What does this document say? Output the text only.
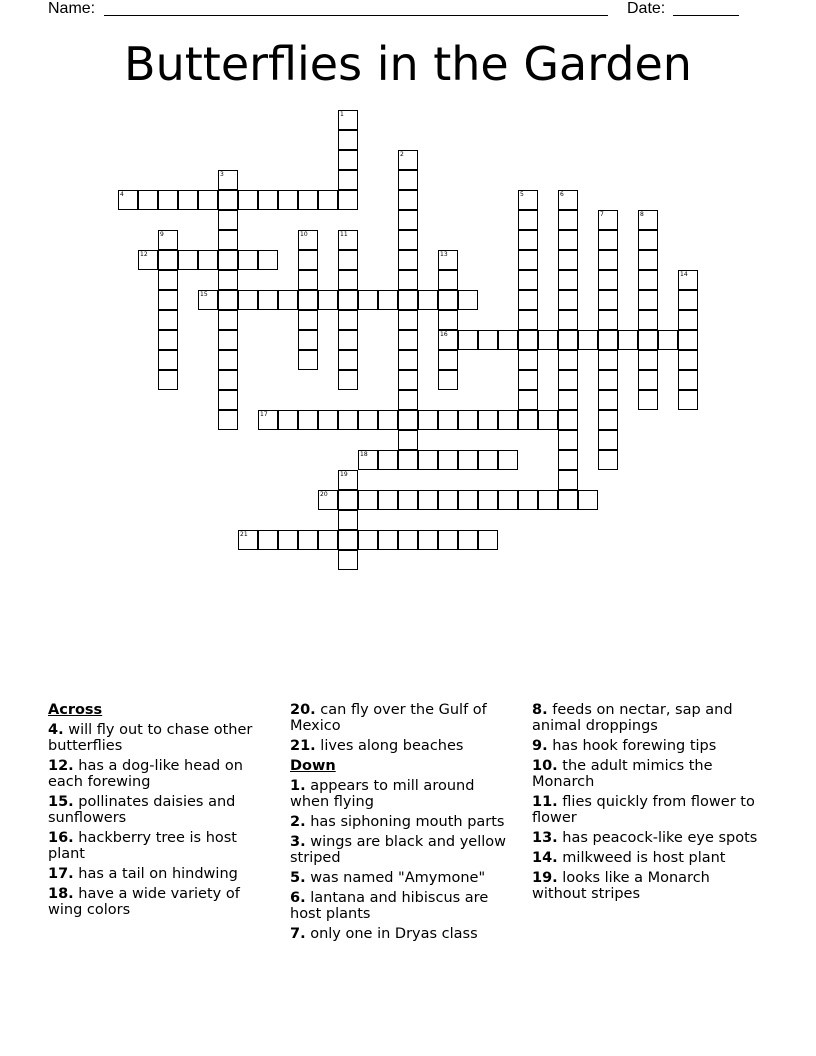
Name:	Date:
Butterflies in the Garden
1
2
3
4	5	6
7	8
9	10	11
12	13
16
14
15
17
18
19
20
21
Across
4. will fly out to chase other butterflies
12. has a dog-like head on each forewing
15. pollinates daisies and sunflowers
16. hackberry tree is host plant
17. has a tail on hindwing
18. have a wide variety of wing colors
20. can fly over the Gulf of Mexico
21. lives along beaches
Down
1. appears to mill around when flying
2. has siphoning mouth parts
3. wings are black and yellow striped
5. was named "Amymone"
6. lantana and hibiscus are host plants
7. only one in Dryas class
8. feeds on nectar, sap and animal droppings
9. has hook forewing tips
10. the adult mimics the Monarch
11. flies quickly from flower to flower
13. has peacock-like eye spots
14. milkweed is host plant
19. looks like a Monarch without stripes
